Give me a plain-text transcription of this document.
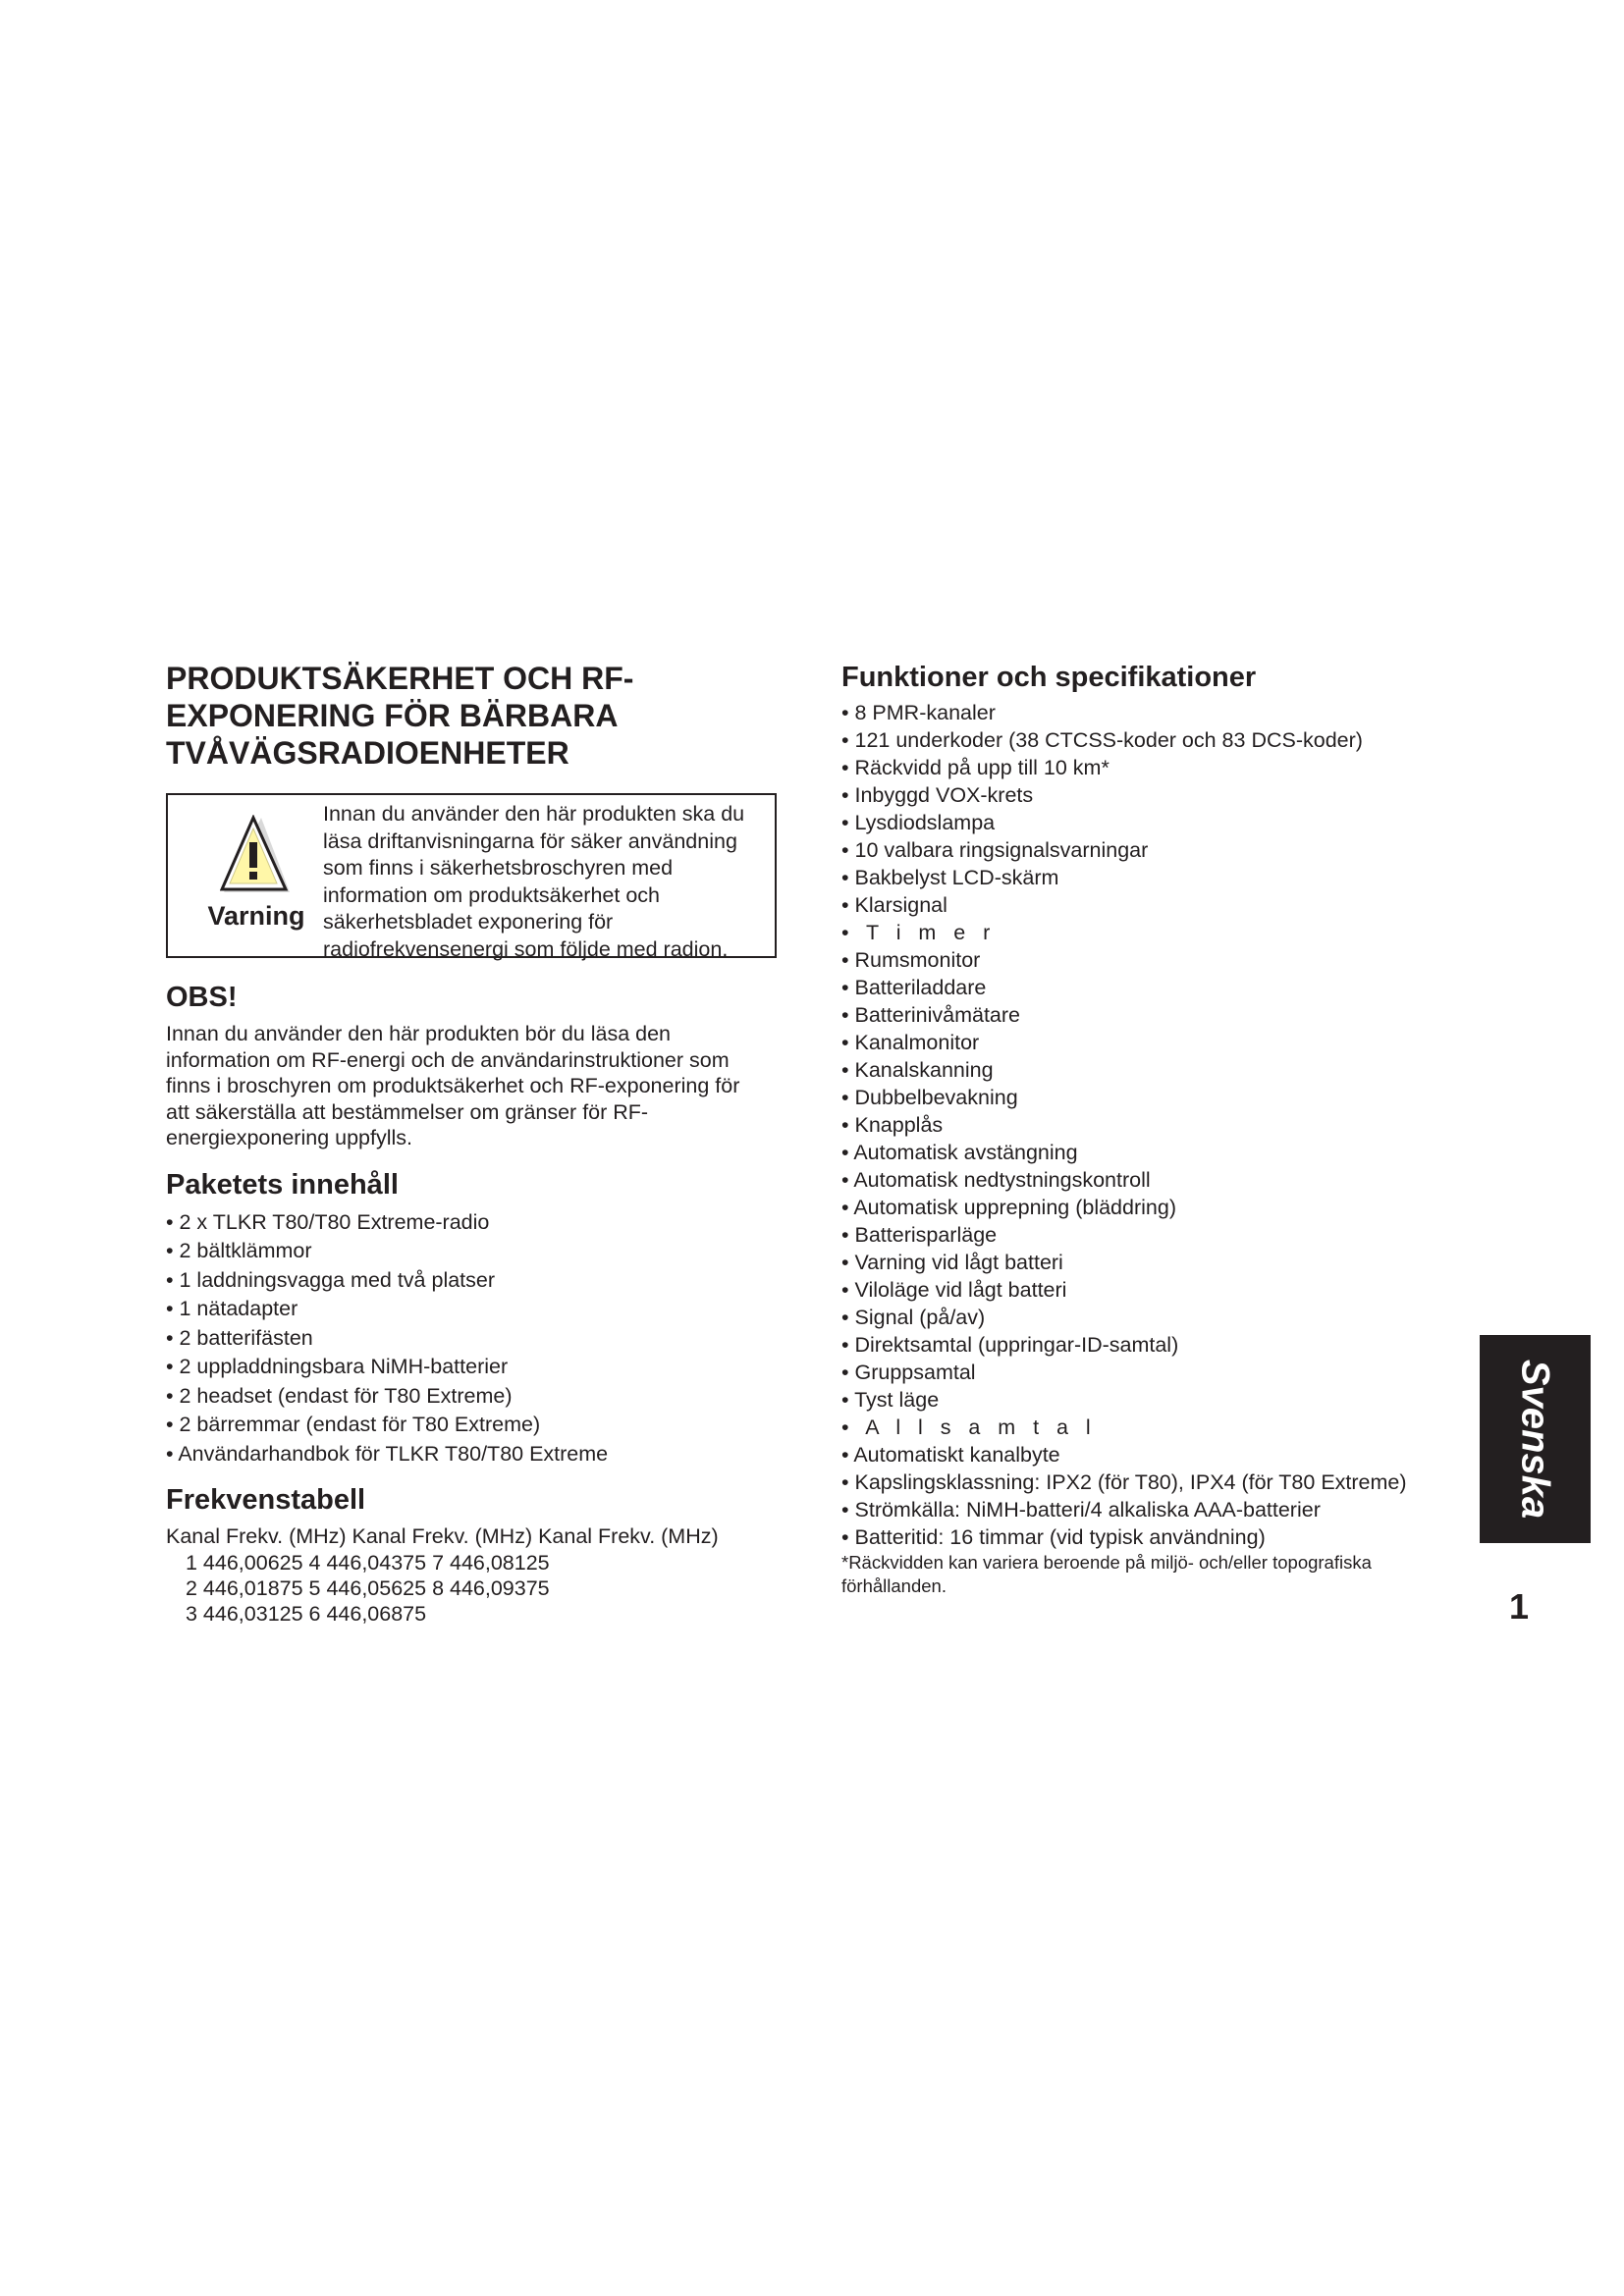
PRODUKTSÄKERHET OCH RF-
EXPONERING FÖR BÄRBARA
TVÅVÄGSRADIOENHETER
Varning
Innan du använder den här produkten ska du
läsa driftanvisningarna för säker användning
som finns i säkerhetsbroschyren med
information om produktsäkerhet och
säkerhetsbladet exponering för
radiofrekvensenergi som följde med radion.
OBS!

Innan du använder den här produkten bör du läsa den
information om RF-energi och de användarinstruktioner som
finns i broschyren om produktsäkerhet och RF-exponering för
att säkerställa att bestämmelser om gränser för RF-
energiexponering uppfylls.

Paketets innehåll
• 2 x TLKR T80/T80 Extreme-radio
• 2 bältklämmor
• 1 laddningsvagga med två platser
• 1 nätadapter
• 2 batterifästen
• 2 uppladdningsbara NiMH-batterier
• 2 headset (endast för T80 Extreme)
• 2 bärremmar (endast för T80 Extreme)
• Användarhandbok för TLKR T80/T80 Extreme
Frekvenstabell
Kanal Frekv. (MHz) Kanal Frekv. (MHz) Kanal Frekv. (MHz)
1 446,00625 4 446,04375 7 446,08125
2 446,01875 5 446,05625 8 446,09375
3 446,03125 6 446,06875
Funktioner och specifikationer
• 8 PMR-kanaler
• 121 underkoder (38 CTCSS-koder och 83 DCS-koder)
• Räckvidd på upp till 10 km*
• Inbyggd VOX-krets
• Lysdiodslampa
• 10 valbara ringsignalsvarningar
• Bakbelyst LCD-skärm
• Klarsignal
•   T   i   m   e   r
• Rumsmonitor
• Batteriladdare
• Batterinivåmätare
• Kanalmonitor
• Kanalskanning
• Dubbelbevakning
• Knapplås
• Automatisk avstängning
• Automatisk nedtystningskontroll
• Automatisk upprepning (bläddring)
• Batterisparläge
• Varning vid lågt batteri
• Viloläge vid lågt batteri
• Signal (på/av)
• Direktsamtal (uppringar-ID-samtal)
• Gruppsamtal
• Tyst läge
•   A   l   l   s   a   m   t   a   l
• Automatiskt kanalbyte
• Kapslingsklassning: IPX2 (för T80), IPX4 (för T80 Extreme)
• Strömkälla: NiMH-batteri/4 alkaliska AAA-batterier
• Batteritid: 16 timmar (vid typisk användning)
*Räckvidden kan variera beroende på miljö- och/eller topografiska
förhållanden.
Svenska
1
